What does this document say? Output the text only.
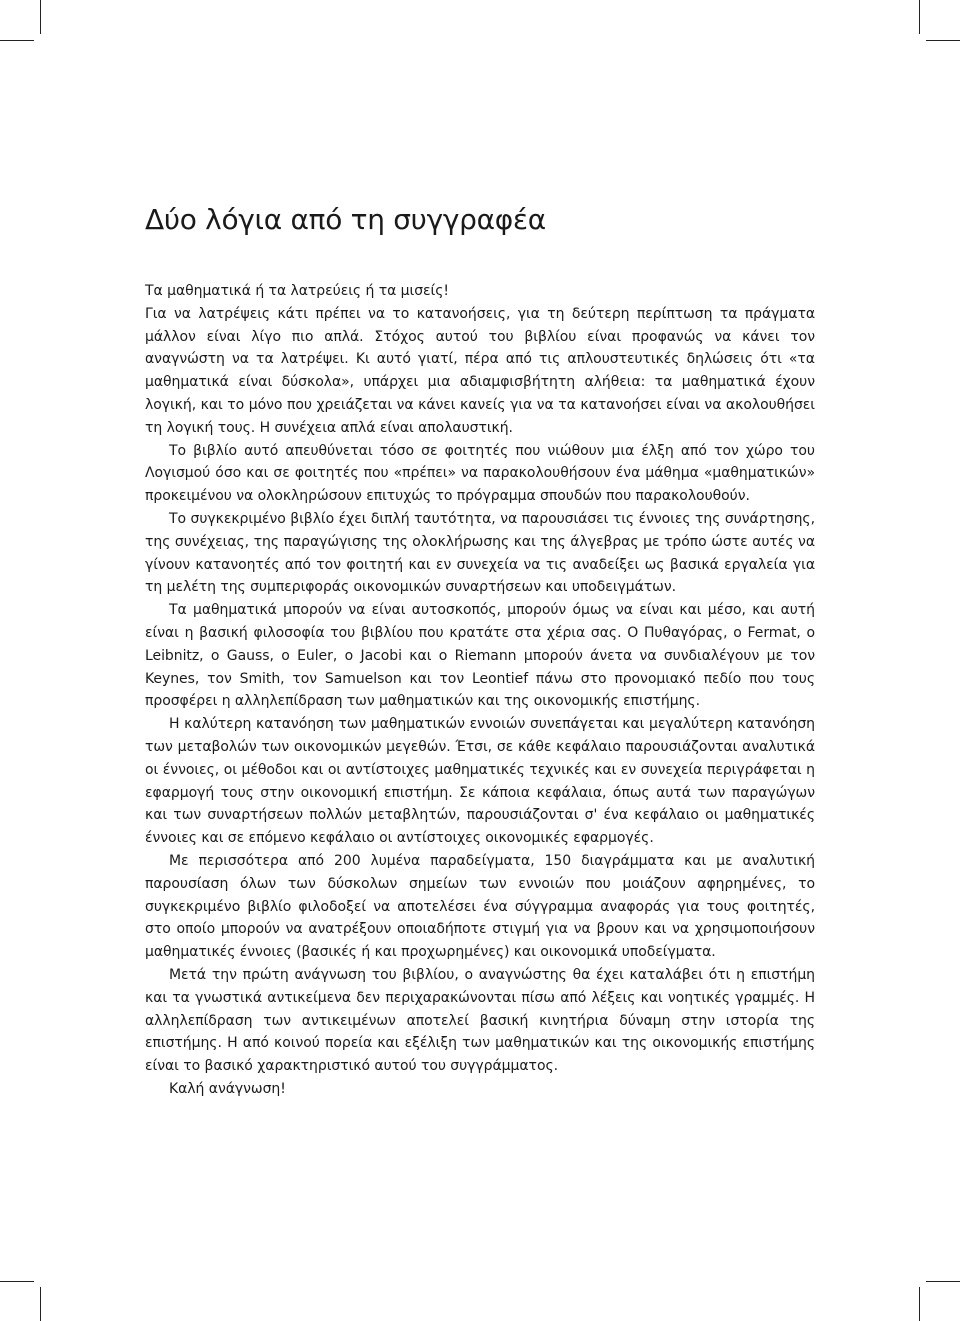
Δύο λόγια από τη συγγραφέα

Τα μαθηματικά ή τα λατρεύεις ή τα μισείς!

Για να λατρέψεις κάτι πρέπει να το κατανοήσεις, για τη δεύτερη περίπτωση τα πράγματα μάλλον είναι λίγο πιο απλά. Στόχος αυτού του βιβλίου είναι προφανώς να κάνει τον αναγνώστη να τα λατρέψει. Κι αυτό γιατί, πέρα από τις απλουστευτικές δηλώσεις ότι «τα μαθηματικά είναι δύσκολα», υπάρχει μια αδιαμφισβήτητη αλήθεια: τα μαθηματικά έχουν λογική, και το μόνο που χρειάζεται να κάνει κανείς για να τα κατανοήσει είναι να ακολουθήσει τη λογική τους. Η συνέχεια απλά είναι απολαυστική.

Το βιβλίο αυτό απευθύνεται τόσο σε φοιτητές που νιώθουν μια έλξη από τον χώρο του Λογισμού όσο και σε φοιτητές που «πρέπει» να παρακολουθήσουν ένα μάθημα «μαθηματικών» προκειμένου να ολοκληρώσουν επιτυχώς το πρόγραμμα σπουδών που παρακολουθούν.

Το συγκεκριμένο βιβλίο έχει διπλή ταυτότητα, να παρουσιάσει τις έννοιες της συνάρτησης, της συνέχειας, της παραγώγισης της ολοκλήρωσης και της άλγεβρας με τρόπο ώστε αυτές να γίνουν κατανοητές από τον φοιτητή και εν συνεχεία να τις αναδείξει ως βασικά εργαλεία για τη μελέτη της συμπεριφοράς οικονομικών συναρτήσεων και υποδειγμάτων.

Τα μαθηματικά μπορούν να είναι αυτοσκοπός, μπορούν όμως να είναι και μέσο, και αυτή είναι η βασική φιλοσοφία του βιβλίου που κρατάτε στα χέρια σας. Ο Πυθαγόρας, ο Fermat, ο Leibnitz, ο Gauss, ο Euler, ο Jacobi και ο Riemann μπορούν άνετα να συνδιαλέγουν με τον Keynes, τον Smith, τον Samuelson και τον Leontief πάνω στο προνομιακό πεδίο που τους προσφέρει η αλληλεπίδραση των μαθηματικών και της οικονομικής επιστήμης.

Η καλύτερη κατανόηση των μαθηματικών εννοιών συνεπάγεται και μεγαλύτερη κατανόηση των μεταβολών των οικονομικών μεγεθών. Έτσι, σε κάθε κεφάλαιο παρουσιάζονται αναλυτικά οι έννοιες, οι μέθοδοι και οι αντίστοιχες μαθηματικές τεχνικές και εν συνεχεία περιγράφεται η εφαρμογή τους στην οικονομική επιστήμη. Σε κάποια κεφάλαια, όπως αυτά των παραγώγων και των συναρτήσεων πολλών μεταβλητών, παρουσιάζονται σ' ένα κεφάλαιο οι μαθηματικές έννοιες και σε επόμενο κεφάλαιο οι αντίστοιχες οικονομικές εφαρμογές.

Με περισσότερα από 200 λυμένα παραδείγματα, 150 διαγράμματα και με αναλυτική παρουσίαση όλων των δύσκολων σημείων των εννοιών που μοιάζουν αφηρημένες, το συγκεκριμένο βιβλίο φιλοδοξεί να αποτελέσει ένα σύγγραμμα αναφοράς για τους φοιτητές, στο οποίο μπορούν να ανατρέξουν οποιαδήποτε στιγμή για να βρουν και να χρησιμοποιήσουν μαθηματικές έννοιες (βασικές ή και προχωρημένες) και οικονομικά υποδείγματα.

Μετά την πρώτη ανάγνωση του βιβλίου, ο αναγνώστης θα έχει καταλάβει ότι η επιστήμη και τα γνωστικά αντικείμενα δεν περιχαρακώνονται πίσω από λέξεις και νοητικές γραμμές. Η αλληλεπίδραση των αντικειμένων αποτελεί βασική κινητήρια δύναμη στην ιστορία της επιστήμης. Η από κοινού πορεία και εξέλιξη των μαθηματικών και της οικονομικής επιστήμης είναι το βασικό χαρακτηριστικό αυτού του συγγράμματος.

Καλή ανάγνωση!
